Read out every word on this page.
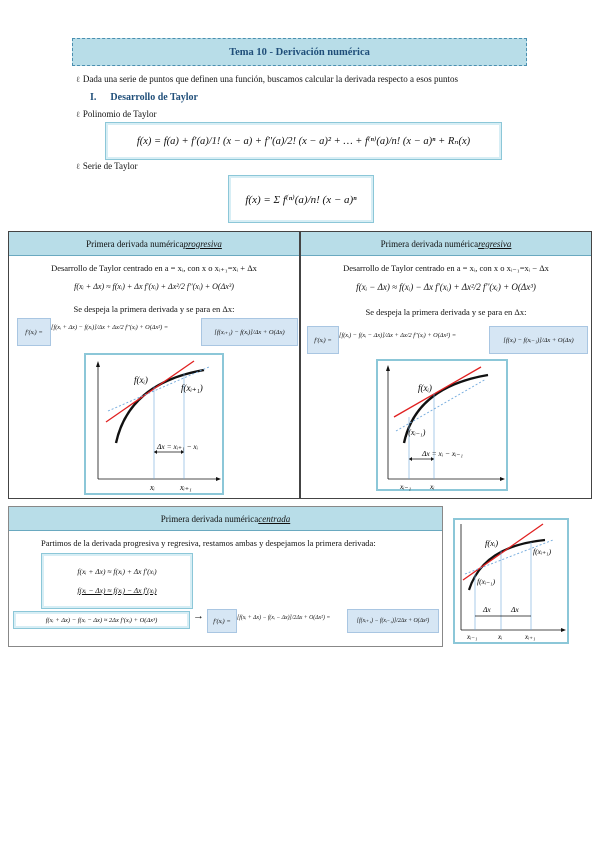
Tema 10 - Derivación numérica
ℓ Dada una serie de puntos que definen una función, buscamos calcular la derivada respecto a esos puntos
I. Desarrollo de Taylor
ℓ Polinomio de Taylor
f(x) = f(a) + f′(a)/1! (x − a) + f′′(a)/2! (x − a)² + … + f⁽ⁿ⁾(a)/n! (x − a)ⁿ + Rₙ(x)
ℓ Serie de Taylor
f(x) = Σ f⁽ⁿ⁾(a)/n! (x − a)ⁿ
Primera derivada numérica progresiva
Desarrollo de Taylor centrado en a = xᵢ, con x o xᵢ₊₁=xᵢ + Δx
f(xᵢ + Δx) ≈ f(xᵢ) + Δx f′(xᵢ) + Δx²/2 f′′(xᵢ) + O(Δx³)
Se despeja la primera derivada y se para en Δx:
f′(xᵢ) =
[f(xᵢ + Δx) − f(xᵢ)]/Δx + Δx/2 f′′(xᵢ) + O(Δx²) =
[f(xᵢ₊₁) − f(xᵢ)]/Δx + O(Δx)
f(xᵢ)
f(xᵢ₊₁)
Δx = xᵢ₊₁ − xᵢ
xᵢ	xᵢ₊₁
Primera derivada numérica regresiva
Desarrollo de Taylor centrado en a = xᵢ, con x o xᵢ₋₁=xᵢ − Δx
f(xᵢ − Δx) ≈ f(xᵢ) − Δx f′(xᵢ) + Δx²/2 f′′(xᵢ) + O(Δx³)
Se despeja la primera derivada y se para en Δx:
f′(xᵢ) =
[f(xᵢ) − f(xᵢ − Δx)]/Δx + Δx/2 f′′(xᵢ) + O(Δx²) =
[f(xᵢ) − f(xᵢ₋₁)]/Δx + O(Δx)
f(xᵢ)
f(xᵢ₋₁)
Δx = xᵢ − xᵢ₋₁
xᵢ₋₁	xᵢ
Primera derivada numérica centrada
Partimos de la derivada progresiva y regresiva, restamos ambas y despejamos la primera derivada:
f(xᵢ + Δx) ≈ f(xᵢ) + Δx f′(xᵢ)
f(xᵢ − Δx) ≈ f(xᵢ) − Δx f′(xᵢ)
f(xᵢ + Δx) − f(xᵢ − Δx) ≈ 2Δx f′(xᵢ) + O(Δx³)	→ f′(xᵢ) = [f(xᵢ + Δx) − f(xᵢ − Δx)]/2Δx + O(Δx²) =	[f(xᵢ₊₁) − f(xᵢ₋₁)]/2Δx + O(Δx²)
f(xᵢ)
f(xᵢ₊₁)
f(xᵢ₋₁)
Δx	Δx
xᵢ₋₁	xᵢ	xᵢ₊₁
